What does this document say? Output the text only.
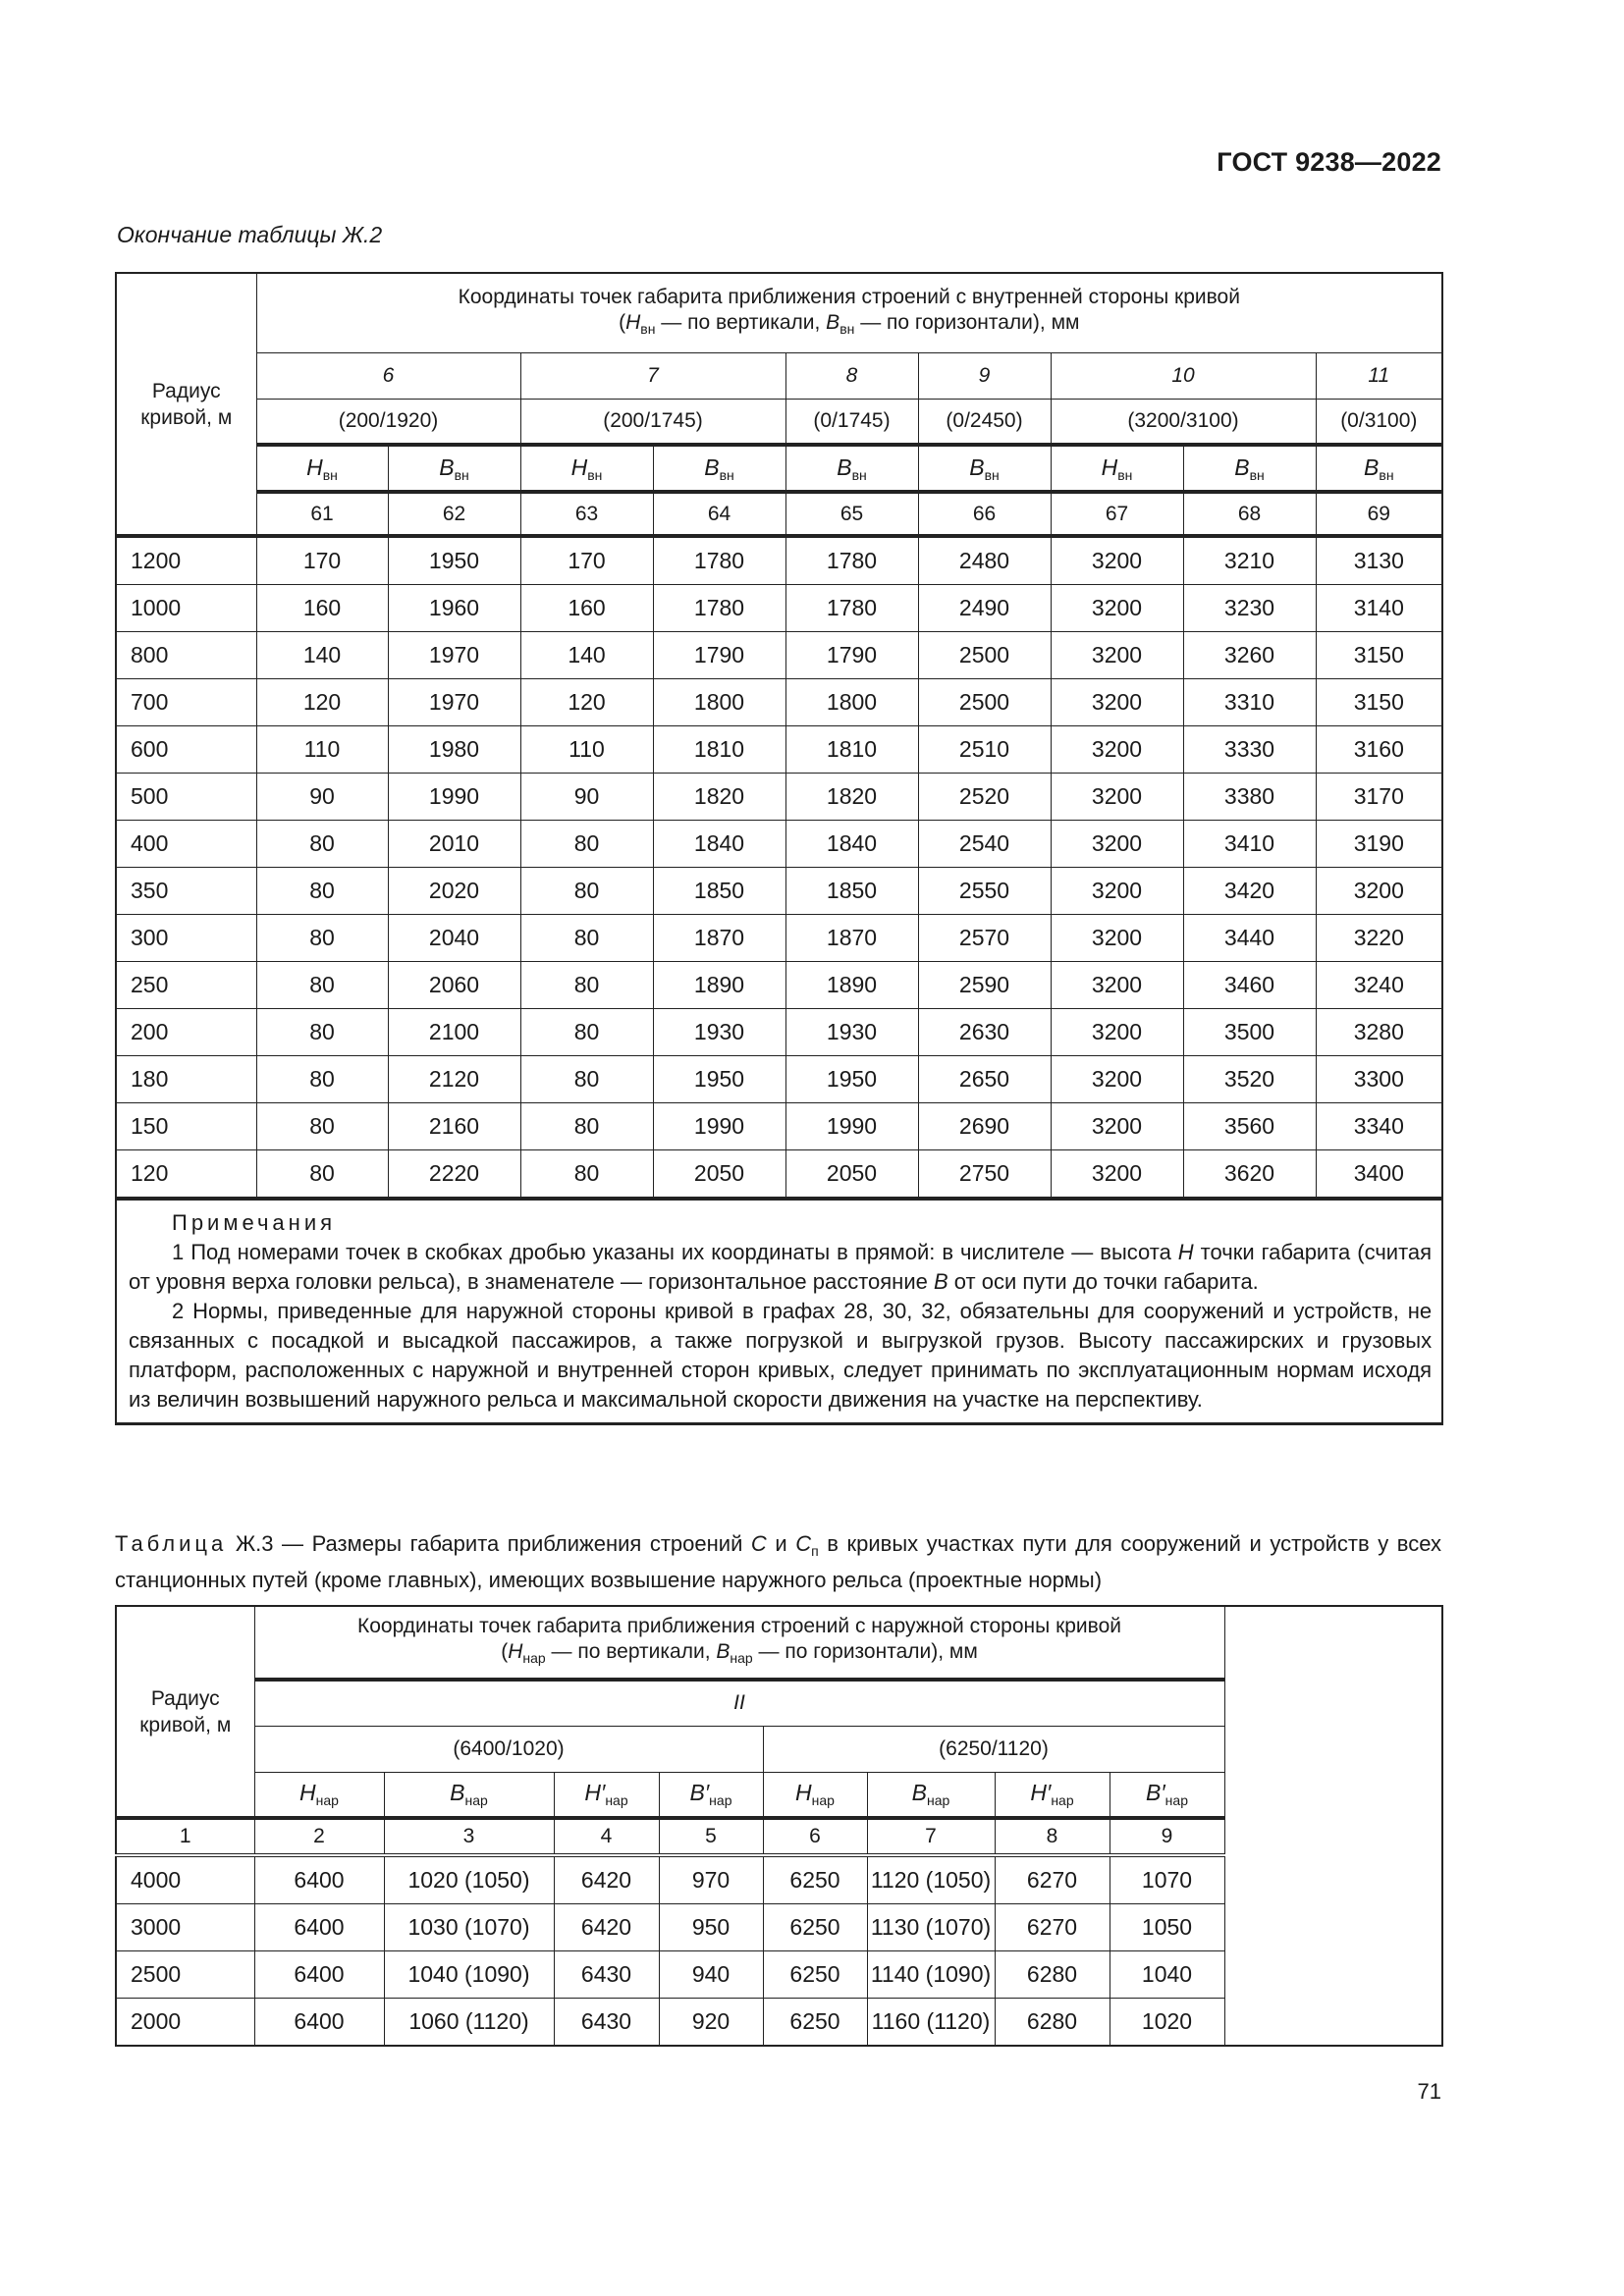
ГОСТ 9238—2022
Окончание таблицы Ж.2
Радиус кривой, м	Координаты точек габарита приближения строений с внутренней стороны кривой
($H_{вн}$ — по вертикали, $B_{вн}$ — по горизонтали), мм								

	6		7		8	9	10		11
	(200/1920)		(200/1745)		(0/1745)	(0/2450)	(3200/3100)		(0/3100)
	$H_{вн}$	$B_{вн}$	$H_{вн}$	$B_{вн}$	$B_{вн}$	$B_{вн}$	$H_{вн}$	$B_{вн}$	$B_{вн}$
	61	62	63	64	65	66	67	68	69
1200	170	1950	170	1780	1780	2480	3200	3210	3130
1000	160	1960	160	1780	1780	2490	3200	3230	3140
800	140	1970	140	1790	1790	2500	3200	3260	3150
700	120	1970	120	1800	1800	2500	3200	3310	3150
600	110	1980	110	1810	1810	2510	3200	3330	3160
500	90	1990	90	1820	1820	2520	3200	3380	3170
400	80	2010	80	1840	1840	2540	3200	3410	3190
350	80	2020	80	1850	1850	2550	3200	3420	3200
300	80	2040	80	1870	1870	2570	3200	3440	3220
250	80	2060	80	1890	1890	2590	3200	3460	3240
200	80	2100	80	1930	1930	2630	3200	3500	3280
180	80	2120	80	1950	1950	2650	3200	3520	3300
150	80	2160	80	1990	1990	2690	3200	3560	3340
120	80	2220	80	2050	2050	2750	3200	3620	3400

Примечания

1 Под номерами точек в скобках дробью указаны их координаты в прямой: в числителе — высота H точки габарита (считая от уровня верха головки рельса), в знаменателе — горизонтальное расстояние B от оси пути до точки габарита.

2 Нормы, приведенные для наружной стороны кривой в графах 28, 30, 32, обязательны для сооружений и устройств, не связанных с посадкой и высадкой пассажиров, а также погрузкой и выгрузкой грузов. Высоту пассажирских и грузовых платформ, расположенных с наружной и внутренней сторон кривых, следует принимать по эксплуатационным нормам исходя из величин возвышений наружного рельса и максимальной скорости движения на участке на перспективу.									

Таблица Ж.3 — Размеры габарита приближения строений C и $C_п$ в кривых участках пути для сооружений и устройств у всех станционных путей (кроме главных), имеющих возвышение наружного рельса (проектные нормы)
Радиус кривой, м	Координаты точек габарита приближения строений с наружной стороны кривой
($H_{нар}$ — по вертикали, $B_{нар}$ — по горизонтали), мм							

	II							
	(6400/1020)				(6250/1120)			
	$H_{нар}$	$B_{нар}$	$H'_{нар}$	$B'_{нар}$	$H_{нар}$	$B_{нар}$	$H'_{нар}$	$B'_{нар}$
1	2	3	4	5	6	7	8	9
4000	6400	1020 (1050)	6420	970	6250	1120 (1050)	6270	1070
3000	6400	1030 (1070)	6420	950	6250	1130 (1070)	6270	1050
2500	6400	1040 (1090)	6430	940	6250	1140 (1090)	6280	1040
2000	6400	1060 (1120)	6430	920	6250	1160 (1120)	6280	1020
71
